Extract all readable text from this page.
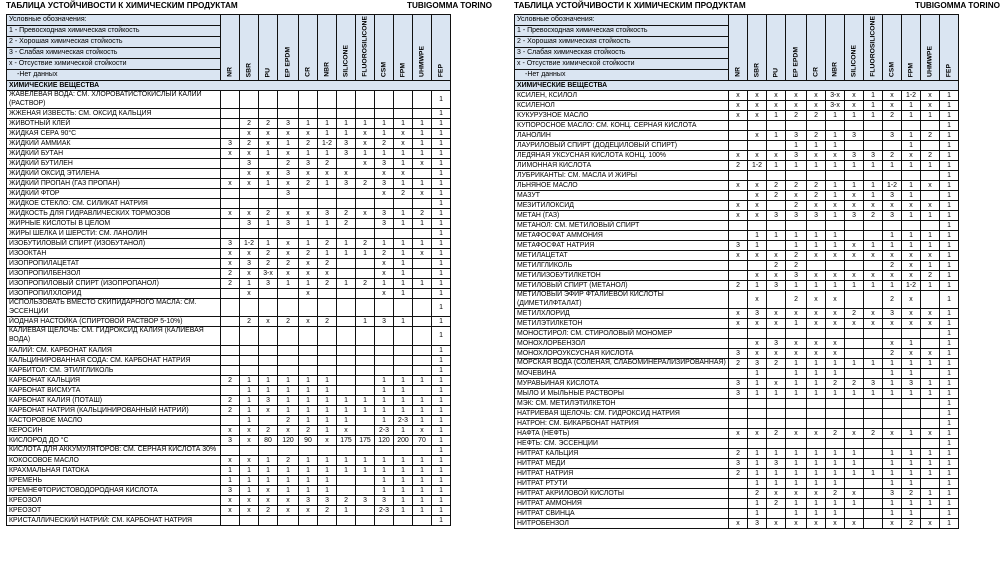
ТАБЛИЦА УСТОЙЧИВОСТИ К ХИМИЧЕСКИМ ПРОДУКТАМ	TUBIGOMMA TORINO
Условные обозначения:	NR	SBR	PU	EP EPDM	CR	NBR	SILICONE	FLUOROSILICONE	CSM	FPM	UHMWPE	FEP

1 - Превосходная химическая стойкость												
2 - Хорошая химическая стойкость												
3 - Слабая химическая стойкость												
x - Отсуствие химической стойкости												
-Нет данных												
ХИМИЧЕСКИЕ ВЕЩЕСТВА												
ЖАВЕЛЕВАЯ ВОДА: СМ. ХЛОРОВАТИСТОКИСЛЫЙ КАЛИЙ (РАСТВОР)												1
ЖЖЕНАЯ ИЗВЕСТЬ: СМ. ОКСИД КАЛЬЦИЯ												1
ЖИВОТНЫЙ КЛЕЙ		2	2	3	1	1	1	1	1	1	1	1
ЖИДКАЯ СЕРА 90°С		x	x	x	x	1	1	x	1	x	1	1
ЖИДКИЙ АММИАК	3	2	x	1	2	1-2	3	x	2	x	1	1
ЖИДКИЙ БУТАН	x	x	1	x	1	1	3	1	1	1	1	1
ЖИДКИЙ БУТИЛЕН		3		2	3	2		x	3	1	x	1
ЖИДКИЙ ОКСИД ЭТИЛЕНА		x	x	3	x	x	x		x	x		1
ЖИДКИЙ ПРОПАН (ГАЗ ПРОПАН)	x	x	1	x	2	1	3	2	3	1	1	1
ЖИДКИЙ ФТОР				3					x	2	x	1
ЖИДКОЕ СТЕКЛО: СМ. СИЛИКАТ НАТРИЯ												1
ЖИДКОСТЬ ДЛЯ ГИДРАВЛИЧЕСКИХ ТОРМОЗОВ	x	x	2	x	x	3	2	x	3	1	2	1
ЖИРНЫЕ КИСЛОТЫ В ЦЕЛОМ		3	1	3	1	1	2		3	1	1	1
ЖИРЫ ШЕЛКА И ШЕРСТИ: СМ. ЛАНОЛИН												1
ИЗОБУТИЛОВЫЙ СПИРТ (ИЗОБУТАНОЛ)	3	1-2	1	x	1	2	1	2	1	1	1	1
ИЗООКТАН	x	x	2	x	2	1	1	1	2	1	x	1
ИЗОПРОПИЛАЦЕТАТ	x	3	2	2	x	2			x	1		1
ИЗОПРОПИЛБЕНЗОЛ	2	x	3-x	x	x	x			x	1		1
ИЗОПРОПИЛОВЫЙ СПИРТ (ИЗОПРОПАНОЛ)	2	1	3	1	1	2	1	2	1	1	1	1
ИЗОПРОПИЛХЛОРИД		x			x				x	1		1
ИСПОЛЬЗОВАТЬ ВМЕСТО СКИПИДАРНОГО МАСЛА: СМ. ЭССЕНЦИИ												1
ЙОДНАЯ НАСТОЙКА (СПИРТОВОЙ РАСТВОР 5-10%)		2	x	2	x	2		1	3	1		1
КАЛИЕВАЯ ЩЕЛОЧЬ: СМ. ГИДРОКСИД КАЛИЯ (КАЛИЕВАЯ ВОДА)												1
КАЛИЙ: СМ. КАРБОНАТ КАЛИЯ												1
КАЛЬЦИНИРОВАННАЯ СОДА: СМ. КАРБОНАТ НАТРИЯ												1
КАРБИТОЛ: СМ. ЭТИЛГЛИКОЛЬ												1
КАРБОНАТ КАЛЬЦИЯ	2	1	1	1	1	1			1	1	1	1
КАРБОНАТ ВИСМУТА		1	1	1	1	1			1	1		1
КАРБОНАТ КАЛИЯ (ПОТАШ)	2	1	3	1	1	1	1	1	1	1	1	1
КАРБОНАТ НАТРИЯ (КАЛЬЦИНИРОВАННЫЙ НАТРИЙ)	2	1	x	1	1	1	1	1	1	1	1	1
КАСТОРОВОЕ МАСЛО		1		2	1	1	1		1	2-3	1	1
КЕРОСИН	x	x	2	x	2	1	x		2-3	1	x	1
КИСЛОРОД ДО °С	3	x	80	120	90	x	175	175	120	200	70	1
КИСЛОТА ДЛЯ АККУМУЛЯТОРОВ: СМ. СЕРНАЯ КИСЛОТА 30%												1
КОКОСОВОЕ МАСЛО	x	x	1	2	1	1	1	1	1	1	1	1
КРАХМАЛЬНАЯ ПАТОКА	1	1	1	1	1	1	1	1	1	1	1	1
КРЕМЕНЬ	1	1	1	1	1	1			1	1	1	1
КРЕМНЕФТОРИСТОВОДОРОДНАЯ КИСЛОТА	3	1	x	1	1	1			1	1	1	1
КРЕОЗОЛ	x	x	x	x	3	3	2	3	3	1	1	1
КРЕОЗОТ	x	x	2	x	x	2	1		2-3	1	1	1
КРИСТАЛЛИЧЕСКИЙ НАТРИЙ: СМ. КАРБОНАТ НАТРИЯ												1
ТАБЛИЦА УСТОЙЧИВОСТИ К ХИМИЧЕСКИМ ПРОДУКТАМ	TUBIGOMMA TORINO
Условные обозначения:	NR	SBR	PU	EP EPDM	CR	NBR	SILICONE	FLUOROSILICONE	CSM	FPM	UHMWPE	FEP

1 - Превосходная химическая стойкость												
2 - Хорошая химическая стойкость												
3 - Слабая химическая стойкость												
x - Отсуствие химической стойкости												
-Нет данных												
ХИМИЧЕСКИЕ ВЕЩЕСТВА												
КСИЛЕН, КСИЛОЛ	x	x	x	x	x	3-x	x	1	x	1-2	x	1
КСИЛЕНОЛ	x	x	x	x	x	3-x	x	1	x	1	x	1
КУКУРУЗНОЕ МАСЛО	x	x	1	2	2	1	1	1	2	1	1	1
КУПОРОСНОЕ МАСЛО: СМ. КОНЦ. СЕРНАЯ КИСЛОТА												1
ЛАНОЛИН		x	1	3	2	1	3		3	1	2	1
ЛАУРИЛОВЫЙ СПИРТ (ДОДЕЦИЛОВЫЙ СПИРТ)				1	1	1				1		1
ЛЕДЯНАЯ УКСУСНАЯ КИСЛОТА КОНЦ. 100%	x	x	x	3	x	x	3	3	2	x	2	1
ЛИМОННАЯ КИСЛОТА	2	1-2	1	1	1	1	1	1	1	1	1	1
ЛУБРИКАНТЫ: СМ. МАСЛА И ЖИРЫ												1
ЛЬНЯНОЕ МАСЛО	x	x	2	2	2	1	1	1	1-2	1	x	1
МАЗУТ		x	2	x	2	1	x	1	3	1		1
МЕЗИТИЛОКСИД	x	x		2	x	x	x	x	x	x	x	1
МЕТАН (ГАЗ)	x	x	3	3	3	1	3	2	3	1	1	1
МЕТАНОЛ: СМ. МЕТИЛОВЫЙ СПИРТ												1
МЕТАФОСФАТ АММОНИЯ		1	1	1	1	1			1	1	1	1
МЕТАФОСФАТ НАТРИЯ	3	1		1	1	1	x	1	1	1	1	1
МЕТИЛАЦЕТАТ	x	x	x	2	x	x	x	x	x	x	x	1
МЕТИЛГЛИКОЛЬ			2	2					2	x	1	1
МЕТИЛИЗОБУТИЛКЕТОН		x	x	3	x	x	x	x	x	x	2	1
МЕТИЛОВЫЙ СПИРТ (МЕТАНОЛ)	2	1	3	1	1	1	1	1	1	1-2	1	1
МЕТИЛОВЫЙ ЭФИР ФТАЛИЕВОЙ КИСЛОТЫ (ДИМЕТИЛФТАЛАТ)		x		2	x	x			2	x		1
МЕТИЛХЛОРИД	x	3	x	x	x	x	2	x	3	x	x	1
МЕТИЛЭТИЛКЕТОН	x	x	x	1	x	x	x	x	x	x	x	1
МОНОСТИРОЛ: СМ. СТИРОЛОВЫЙ МОНОМЕР												1
МОНОХЛОРБЕНЗОЛ		x	3	x	x	x			x	1		1
МОНОХЛОРОУКСУСНАЯ КИСЛОТА	3	x	x	x	x	x			2	x	x	1
МОРСКАЯ ВОДА (СОЛЕНАЯ, СЛАБОМИНЕРАЛИЗИРОВАННАЯ)	2	3	2	1	1	1	1	1	1	1	1	1
МОЧЕВИНА		1		1	1	1			1	1		1
МУРАВЬИНАЯ КИСЛОТА	3	1	x	1	1	2	2	3	1	3	1	1
МЫЛО И МЫЛЬНЫЕ РАСТВОРЫ	3	1	1	1	1	1	1	1	1	1	1	1
МЭК: СМ. МЕТИЛЭТИЛКЕТОН												1
НАТРИЕВАЯ ЩЕЛОЧЬ: СМ. ГИДРОКСИД НАТРИЯ												1
НАТРОН: СМ. БИКАРБОНАТ НАТРИЯ												1
НАФТА (НЕФТЬ)	x	x	2	x	x	2	x	2	x	1	x	1
НЕФТЬ: СМ. ЭССЕНЦИИ												1
НИТРАТ КАЛЬЦИЯ	2	1	1	1	1	1	1		1	1	1	1
НИТРАТ МЕДИ	3	1	3	1	1	1	1		1	1	1	1
НИТРАТ НАТРИЯ	2	1	1	1	1	1	1	1	1	1	1	1
НИТРАТ РТУТИ		1	1	1	1	1			1	1		1
НИТРАТ АКРИЛОВОЙ КИСЛОТЫ		2	x	x	x	2	x		3	2	1	1
НИТРАТ АММОНИЯ		1	2	1	1	1	1		1	1	1	1
НИТРАТ СВИНЦА		1		1	1	1			1	1		1
НИТРОБЕНЗОЛ	x	3	x	x	x	x	x		x	2	x	1
